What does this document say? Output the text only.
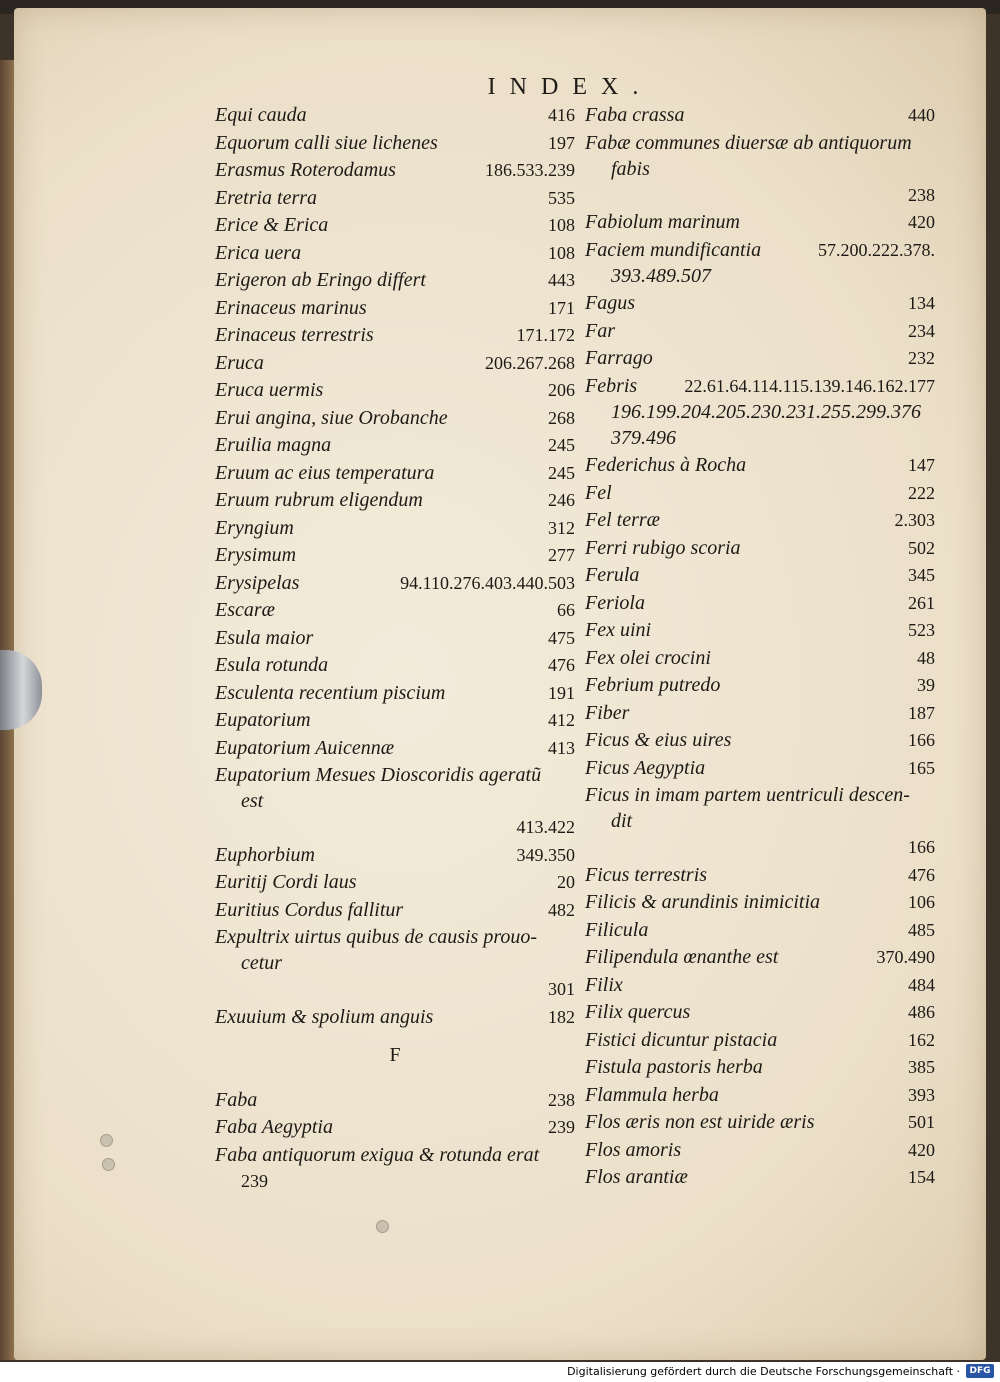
INDEX.
Equi cauda	416
Equorum calli siue lichenes	197
Erasmus Roterodamus	186.533.239
Eretria terra	535
Erice & Erica	108
Erica uera	108
Erigeron ab Eringo differt	443
Erinaceus marinus	171
Erinaceus terrestris	171.172
Eruca	206.267.268
Eruca uermis	206
Erui angina, siue Orobanche	268
Eruilia magna	245
Eruum ac eius temperatura	245
Eruum rubrum eligendum	246
Eryngium	312
Erysimum	277
Erysipelas	94.110.276.403.440.503
Escaræ	66
Esula maior	475
Esula rotunda	476
Esculenta recentium piscium	191
Eupatorium	412
Eupatorium Auicennæ	413
Eupatorium Mesues Dioscoridis ageratũ
est
413.422
Euphorbium	349.350
Euritij Cordi laus	20
Euritius Cordus fallitur	482
Expultrix uirtus quibus de causis prouo-
cetur
301
Exuuium & spolium anguis	182
F
Faba	238
Faba Aegyptia	239
Faba antiquorum exigua & rotunda erat
239
Faba crassa	440
Fabæ communes diuersæ ab antiquorum
fabis
238
Fabiolum marinum	420
Faciem mundificantia	57.200.222.378.
393.489.507
Fagus	134
Far	234
Farrago	232
Febris	22.61.64.114.115.139.146.162.177
196.199.204.205.230.231.255.299.376
379.496
Federichus à Rocha	147
Fel	222
Fel terræ	2.303
Ferri rubigo scoria	502
Ferula	345
Feriola	261
Fex uini	523
Fex olei crocini	48
Febrium putredo	39
Fiber	187
Ficus & eius uires	166
Ficus Aegyptia	165
Ficus in imam partem uentriculi descen-
dit
166
Ficus terrestris	476
Filicis & arundinis inimicitia	106
Filicula	485
Filipendula œnanthe est	370.490
Filix	484
Filix quercus	486
Fistici dicuntur pistacia	162
Fistula pastoris herba	385
Flammula herba	393
Flos æris non est uiride æris	501
Flos amoris	420
Flos arantiæ	154
Digitalisierung gefördert durch die Deutsche Forschungsgemeinschaft ·	DFG
